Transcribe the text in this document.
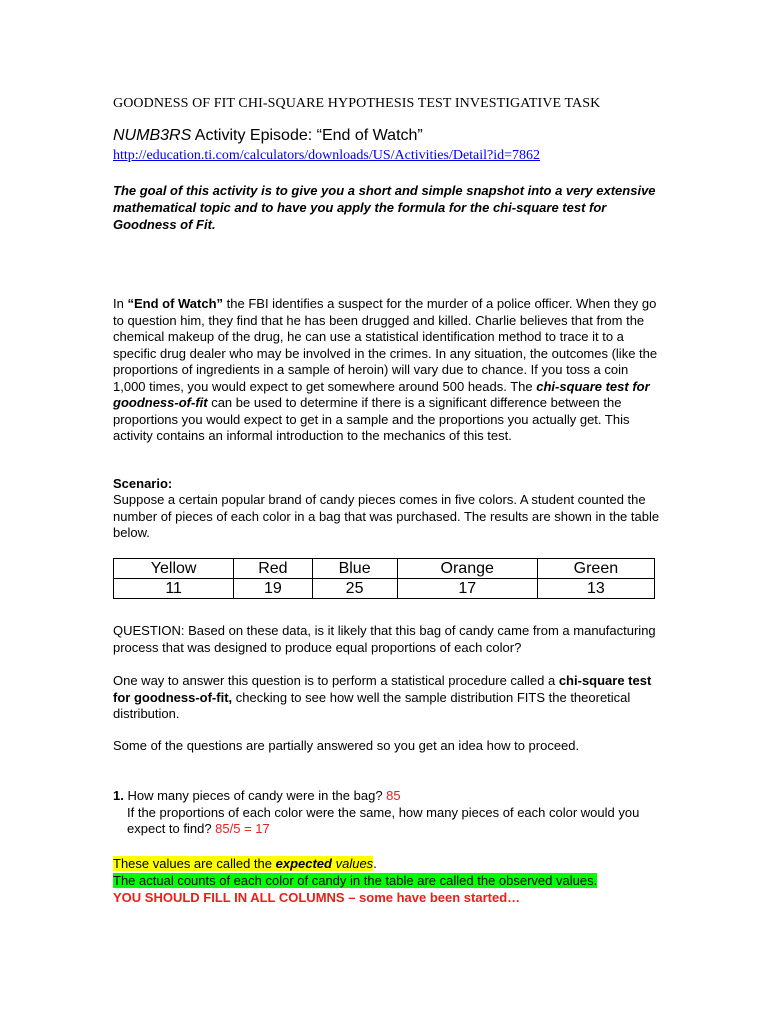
GOODNESS OF FIT CHI-SQUARE HYPOTHESIS TEST INVESTIGATIVE TASK
NUMB3RS Activity Episode: “End of Watch”
http://education.ti.com/calculators/downloads/US/Activities/Detail?id=7862
The goal of this activity is to give you a short and simple snapshot into a very extensive mathematical topic and to have you apply the formula for the chi-square test for Goodness of Fit.
In “End of Watch” the FBI identifies a suspect for the murder of a police officer. When they go to question him, they find that he has been drugged and killed. Charlie believes that from the chemical makeup of the drug, he can use a statistical identification method to trace it to a specific drug dealer who may be involved in the crimes. In any situation, the outcomes (like the proportions of ingredients in a sample of heroin) will vary due to chance. If you toss a coin 1,000 times, you would expect to get somewhere around 500 heads. The chi-square test for goodness-of-fit can be used to determine if there is a significant difference between the proportions you would expect to get in a sample and the proportions you actually get. This activity contains an informal introduction to the mechanics of this test.
Scenario:
Suppose a certain popular brand of candy pieces comes in five colors. A student counted the number of pieces of each color in a bag that was purchased. The results are shown in the table below.
Yellow	Red	Blue	Orange	Green
11	19	25	17	13
QUESTION: Based on these data, is it likely that this bag of candy came from a manufacturing process that was designed to produce equal proportions of each color?
One way to answer this question is to perform a statistical procedure called a chi-square test for goodness-of-fit, checking to see how well the sample distribution FITS the theoretical distribution.
Some of the questions are partially answered so you get an idea how to proceed.
1. How many pieces of candy were in the bag? 85
If the proportions of each color were the same, how many pieces of each color would you expect to find? 85/5 = 17
These values are called the expected values.
The actual counts of each color of candy in the table are called the observed values.
YOU SHOULD FILL IN ALL COLUMNS – some have been started…
